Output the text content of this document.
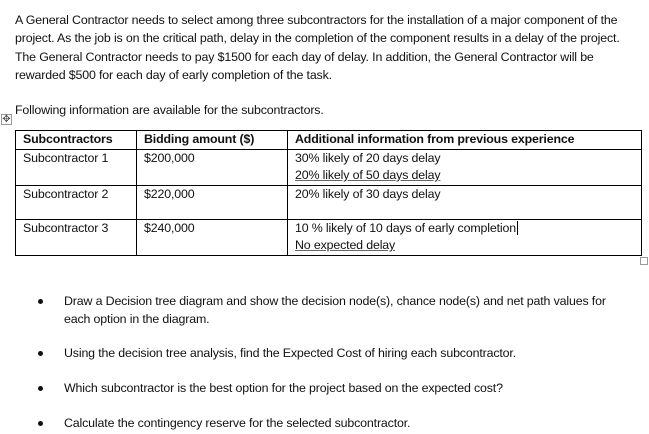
A General Contractor needs to select among three subcontractors for the installation of a major component of the project. As the job is on the critical path, delay in the completion of the component results in a delay of the project. The General Contractor needs to pay $1500 for each day of delay. In addition, the General Contractor will be rewarded $500 for each day of early completion of the task.
Following information are available for the subcontractors.
✥
Subcontractors	Bidding amount ($)	Additional information from previous experience
Subcontractor 1	$200,000	30% likely of 20 days delay
20% likely of 50 days delay

Subcontractor 2	$220,000	20% likely of 30 days delay

Subcontractor 3	$240,000	10 % likely of 10 days of early completion
No expected delay
Draw a Decision tree diagram and show the decision node(s), chance node(s) and net path values for each option in the diagram.
Using the decision tree analysis, find the Expected Cost of hiring each subcontractor.
Which subcontractor is the best option for the project based on the expected cost?
Calculate the contingency reserve for the selected subcontractor.
